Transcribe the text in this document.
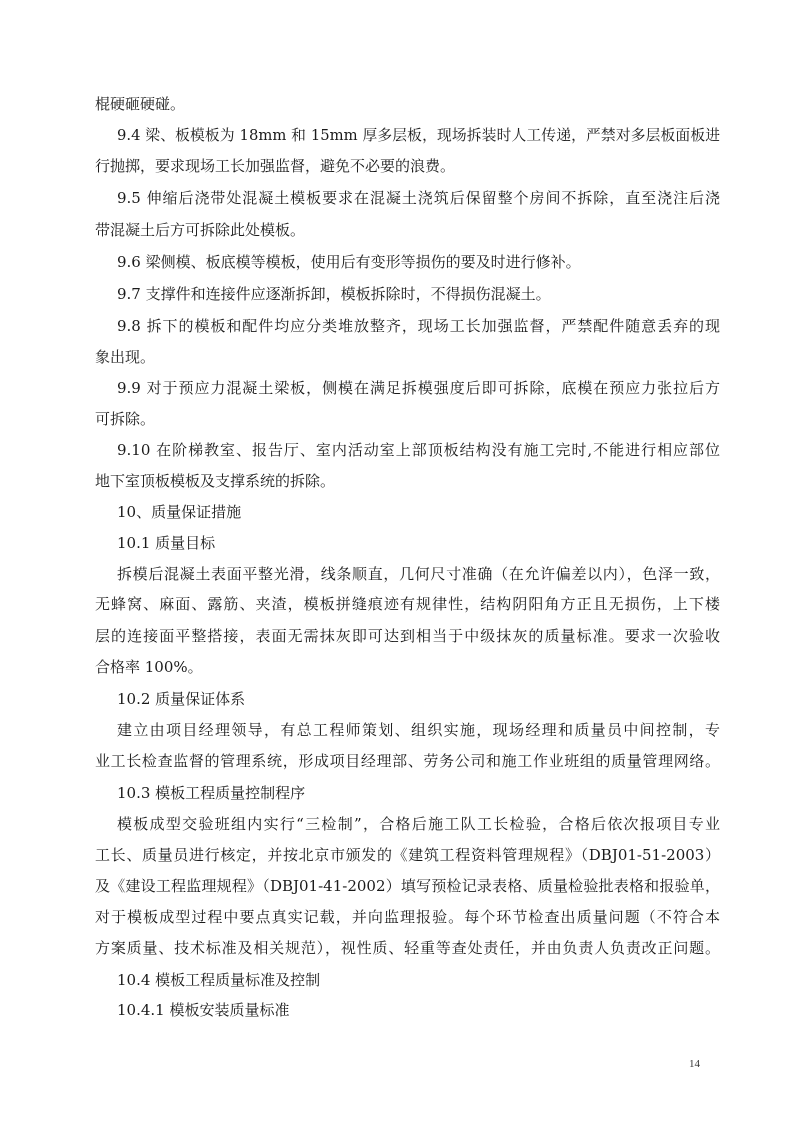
棍硬砸硬碰。
9.4 梁、板模板为 18mm 和 15mm 厚多层板，现场拆装时人工传递，严禁对多层板面板进
行抛掷，要求现场工长加强监督，避免不必要的浪费。
9.5 伸缩后浇带处混凝土模板要求在混凝土浇筑后保留整个房间不拆除，直至浇注后浇
带混凝土后方可拆除此处模板。
9.6 梁侧模、板底模等模板，使用后有变形等损伤的要及时进行修补。
9.7 支撑件和连接件应逐渐拆卸，模板拆除时，不得损伤混凝土。
9.8 拆下的模板和配件均应分类堆放整齐，现场工长加强监督，严禁配件随意丢弃的现
象出现。
9.9 对于预应力混凝土梁板，侧模在满足拆模强度后即可拆除，底模在预应力张拉后方
可拆除。
9.10 在阶梯教室、报告厅、室内活动室上部顶板结构没有施工完时,不能进行相应部位
地下室顶板模板及支撑系统的拆除。
10、质量保证措施
10.1 质量目标
拆模后混凝土表面平整光滑，线条顺直，几何尺寸准确（在允许偏差以内），色泽一致，
无蜂窝、麻面、露筋、夹渣，模板拼缝痕迹有规律性，结构阴阳角方正且无损伤，上下楼
层的连接面平整搭接，表面无需抹灰即可达到相当于中级抹灰的质量标准。要求一次验收
合格率 100%。
10.2 质量保证体系
建立由项目经理领导，有总工程师策划、组织实施，现场经理和质量员中间控制，专
业工长检查监督的管理系统，形成项目经理部、劳务公司和施工作业班组的质量管理网络。
10.3 模板工程质量控制程序
模板成型交验班组内实行“三检制”，合格后施工队工长检验，合格后依次报项目专业
工长、质量员进行核定，并按北京市颁发的《建筑工程资料管理规程》（DBJ01-51-2003）
及《建设工程监理规程》（DBJ01-41-2002）填写预检记录表格、质量检验批表格和报验单，
对于模板成型过程中要点真实记载，并向监理报验。每个环节检查出质量问题（不符合本
方案质量、技术标准及相关规范），视性质、轻重等查处责任，并由负责人负责改正问题。
10.4 模板工程质量标准及控制
10.4.1 模板安装质量标准
14
